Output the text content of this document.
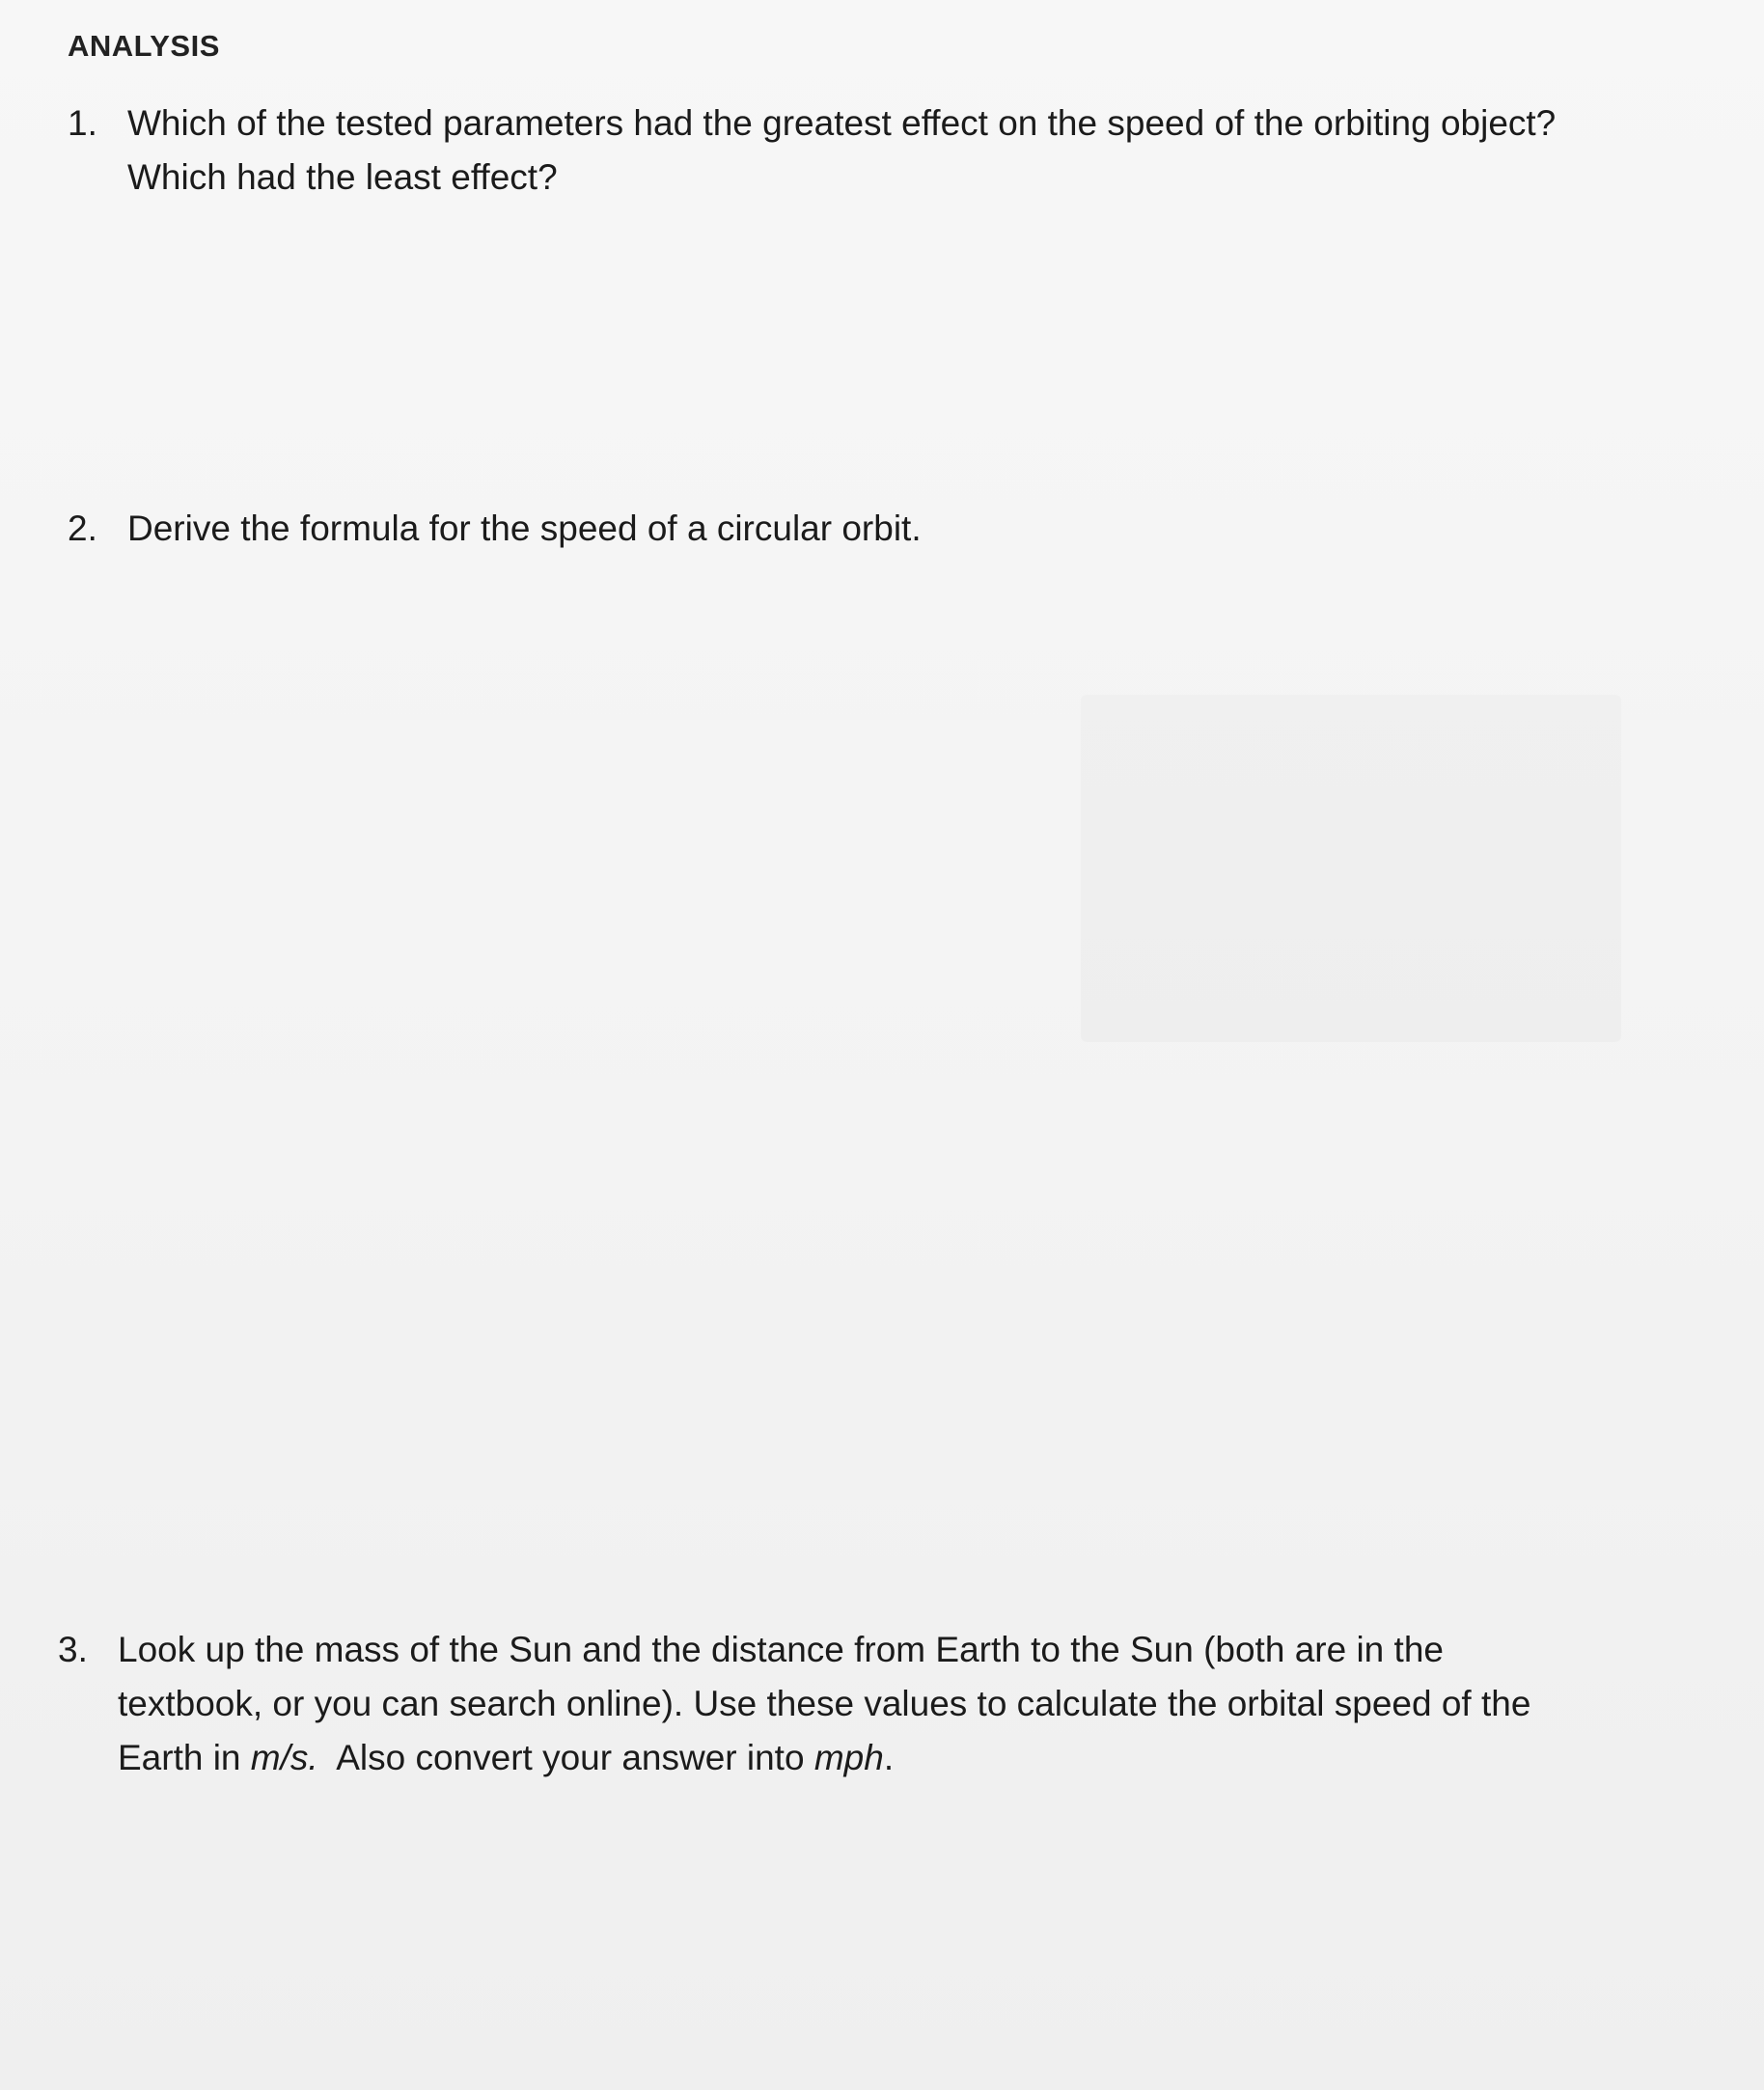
ANALYSIS
1. Which of the tested parameters had the greatest effect on the speed of the orbiting object?
Which had the least effect?
2. Derive the formula for the speed of a circular orbit.
3. Look up the mass of the Sun and the distance from Earth to the Sun (both are in the
textbook, or you can search online). Use these values to calculate the orbital speed of the
Earth in m/s.  Also convert your answer into mph.
